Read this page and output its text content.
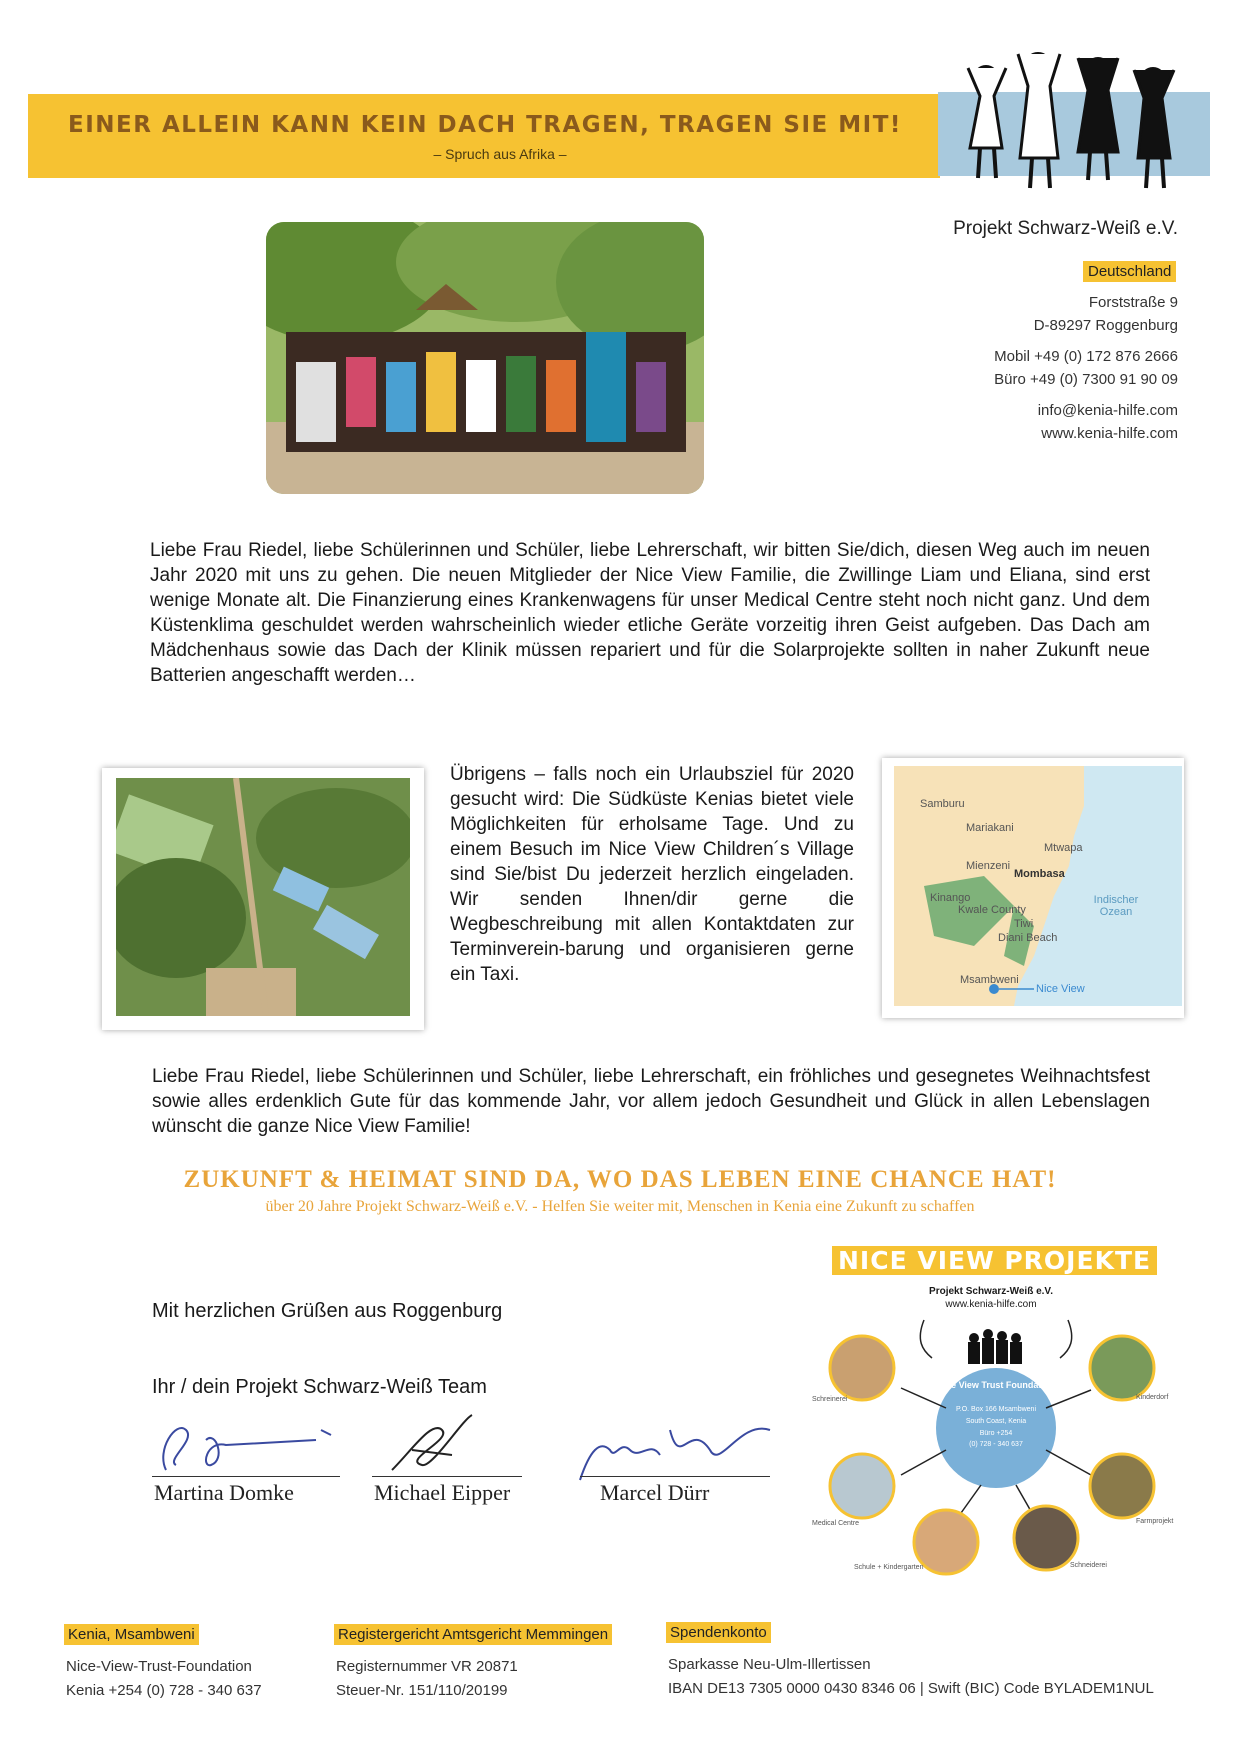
EINER ALLEIN KANN KEIN DACH TRAGEN, TRAGEN SIE MIT!
– Spruch aus Afrika –
Projekt Schwarz-Weiß e.V.
Deutschland
Forststraße 9
D-89297 Roggenburg
Mobil +49 (0) 172 876 2666
Büro +49 (0) 7300 91 90 09
info@kenia-hilfe.com
www.kenia-hilfe.com
Liebe Frau Riedel, liebe Schülerinnen und Schüler, liebe Lehrerschaft, wir bitten Sie/dich, diesen Weg auch im neuen Jahr 2020 mit uns zu gehen. Die neuen Mitglieder der Nice View Familie, die Zwillinge Liam und Eliana, sind erst wenige Monate alt. Die Finanzierung eines Krankenwagens für unser Medical Centre steht noch nicht ganz. Und dem Küstenklima geschuldet werden wahrscheinlich wieder etliche Geräte vorzeitig ihren Geist aufgeben. Das Dach am Mädchenhaus sowie das Dach der Klinik müssen repariert und für die Solarprojekte sollten in naher Zukunft neue Batterien angeschafft werden…
Übrigens – falls noch ein Urlaubsziel für 2020 gesucht wird: Die Südküste Kenias bietet viele Möglichkeiten für erholsame Tage. Und zu einem Besuch im Nice View Children´s Village sind Sie/bist Du jederzeit herzlich eingeladen. Wir senden Ihnen/dir gerne die Wegbeschreibung mit allen Kontaktdaten zur Terminverein-barung und organisieren gerne ein Taxi.
Samburu
Mariakani
Mtwapa
Mienzeni
Mombasa
Kinango
Kwale County
Tiwi
Diani Beach
Msambweni
Nice View
Indischer Ozean
Liebe Frau Riedel, liebe Schülerinnen und Schüler, liebe Lehrerschaft, ein fröhliches und gesegnetes Weihnachtsfest sowie alles erdenklich Gute für das kommende Jahr, vor allem jedoch Gesundheit und Glück in allen Lebenslagen wünscht die ganze Nice View Familie!
ZUKUNFT & HEIMAT SIND DA, WO DAS LEBEN EINE CHANCE HAT!
über 20 Jahre Projekt Schwarz-Weiß e.V. - Helfen Sie weiter mit, Menschen in Kenia eine Zukunft zu schaffen
Mit herzlichen Grüßen aus Roggenburg
Ihr / dein Projekt Schwarz-Weiß Team
Martina Domke	Michael Eipper	Marcel Dürr
NICE VIEW PROJEKTE
Projekt Schwarz-Weiß e.V.
www.kenia-hilfe.com
Nice View Trust Foundation
P.O. Box 166 Msambweni
South Coast, Kenia
Büro +254
(0) 728 - 340 637
Schreinerei	Kinderdorf
Medical Centre	Farmprojekt
Schule + Kindergarten	Schneiderei
Kenia, Msambweni
Nice-View-Trust-Foundation
Kenia +254 (0) 728 - 340 637
Registergericht Amtsgericht Memmingen
Registernummer VR 20871
Steuer-Nr. 151/110/20199
Spendenkonto
Sparkasse Neu-Ulm-Illertissen
IBAN DE13 7305 0000 0430 8346 06 | Swift (BIC) Code BYLADEM1NUL
